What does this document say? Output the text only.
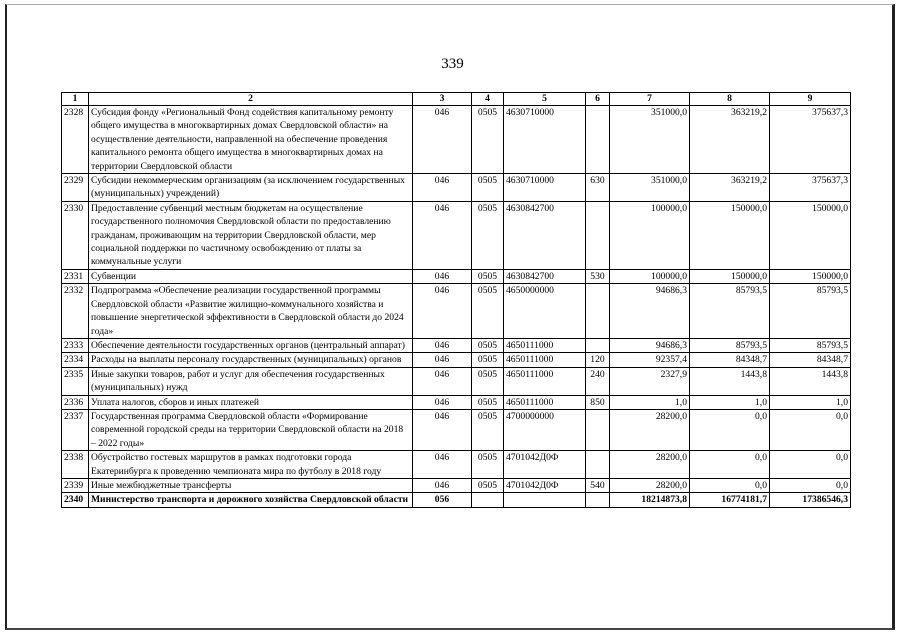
339
1	2	3	4	5	6	7	8	9
2328	Субсидия фонду «Региональный Фонд содействия капитальному ремонту общего имущества в многоквартирных домах Свердловской области» на осуществление деятельности, направленной на обеспечение проведения капитального ремонта общего имущества в многоквартирных домах на территории Свердловской области	046	0505	4630710000		351000,0	363219,2	375637,3
2329	Субсидии некоммерческим организациям (за исключением государственных (муниципальных) учреждений)	046	0505	4630710000	630	351000,0	363219,2	375637,3
2330	Предоставление субвенций местным бюджетам на осуществление государственного полномочия Свердловской области по предоставлению гражданам, проживающим на территории Свердловской области, мер социальной поддержки по частичному освобождению от платы за коммунальные услуги	046	0505	4630842700		100000,0	150000,0	150000,0
2331	Субвенции	046	0505	4630842700	530	100000,0	150000,0	150000,0
2332	Подпрограмма «Обеспечение реализации государственной программы Свердловской области «Развитие жилищно-коммунального хозяйства и повышение энергетической эффективности в Свердловской области до 2024 года»	046	0505	4650000000		94686,3	85793,5	85793,5
2333	Обеспечение деятельности государственных органов (центральный аппарат)	046	0505	4650111000		94686,3	85793,5	85793,5
2334	Расходы на выплаты персоналу государственных (муниципальных) органов	046	0505	4650111000	120	92357,4	84348,7	84348,7
2335	Иные закупки товаров, работ и услуг для обеспечения государственных (муниципальных) нужд	046	0505	4650111000	240	2327,9	1443,8	1443,8
2336	Уплата налогов, сборов и иных платежей	046	0505	4650111000	850	1,0	1,0	1,0
2337	Государственная программа Свердловской области «Формирование современной городской среды на территории Свердловской области на 2018 – 2022 годы»	046	0505	4700000000		28200,0	0,0	0,0
2338	Обустройство гостевых маршрутов в рамках подготовки города Екатеринбурга к проведению чемпионата мира по футболу в 2018 году	046	0505	4701042Д0Ф		28200,0	0,0	0,0
2339	Иные межбюджетные трансферты	046	0505	4701042Д0Ф	540	28200,0	0,0	0,0
2340	Министерство транспорта и дорожного хозяйства Свердловской области	056				18214873,8	16774181,7	17386546,3
